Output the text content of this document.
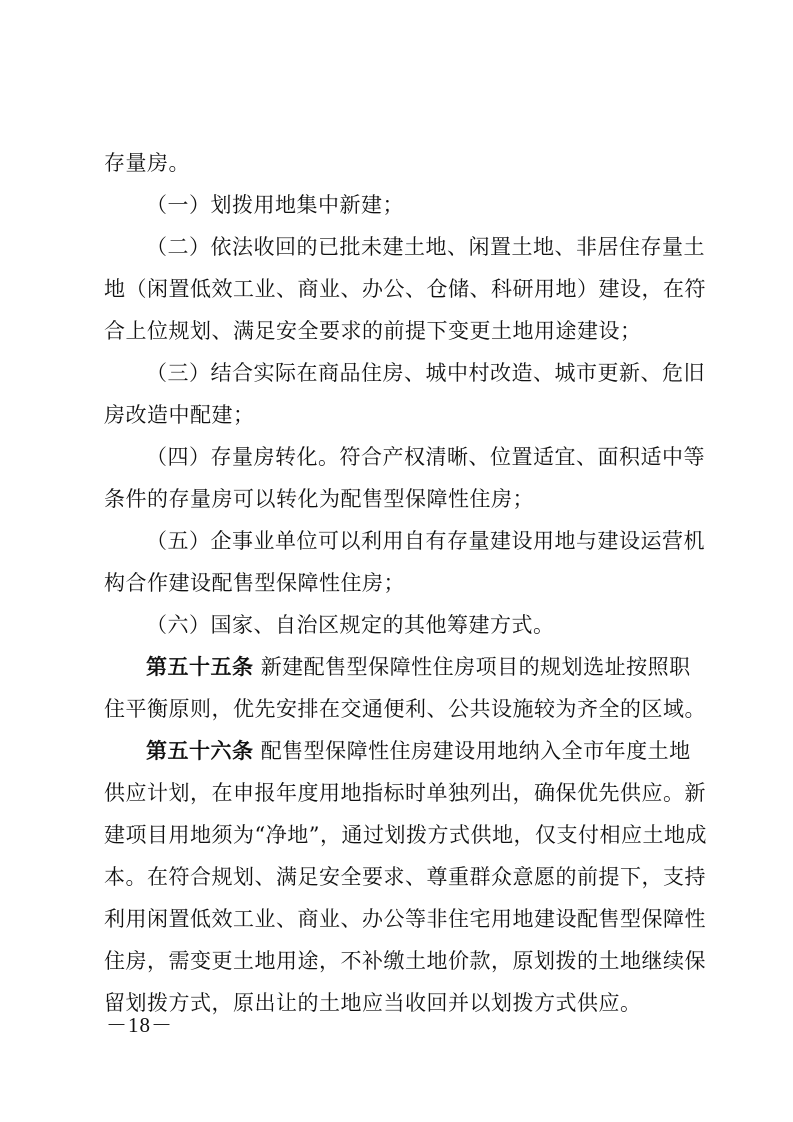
存量房。
（一）划拨用地集中新建；
（二）依法收回的已批未建土地、闲置土地、非居住存量土
地（闲置低效工业、商业、办公、仓储、科研用地）建设，在符
合上位规划、满足安全要求的前提下变更土地用途建设；
（三）结合实际在商品住房、城中村改造、城市更新、危旧
房改造中配建；
（四）存量房转化。符合产权清晰、位置适宜、面积适中等
条件的存量房可以转化为配售型保障性住房；
（五）企事业单位可以利用自有存量建设用地与建设运营机
构合作建设配售型保障性住房；
（六）国家、自治区规定的其他筹建方式。
第五十五条 新建配售型保障性住房项目的规划选址按照职
住平衡原则，优先安排在交通便利、公共设施较为齐全的区域。
第五十六条 配售型保障性住房建设用地纳入全市年度土地
供应计划，在申报年度用地指标时单独列出，确保优先供应。新
建项目用地须为“净地”，通过划拨方式供地，仅支付相应土地成
本。在符合规划、满足安全要求、尊重群众意愿的前提下，支持
利用闲置低效工业、商业、办公等非住宅用地建设配售型保障性
住房，需变更土地用途，不补缴土地价款，原划拨的土地继续保
留划拨方式，原出让的土地应当收回并以划拨方式供应。
－18－
